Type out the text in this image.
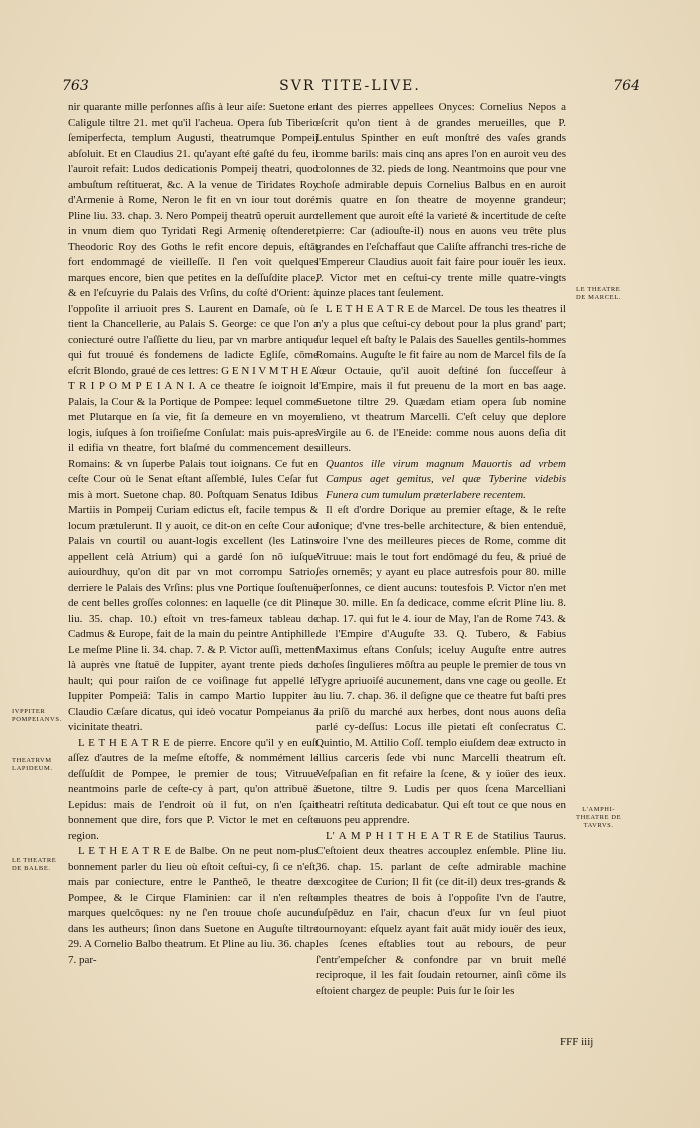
763	SVR TITE-LIVE.	764

nir quarante mille perſonnes aſſis à leur aiſe: Suetone en Caligule tiltre 21. met qu'il l'acheua. Opera ſub Tiberio ſemiperfecta, templum Augusti, theatrumque Pompeij abſoluit. Et en Claudius 21. qu'ayant eſté gaſté du feu, il l'auroit refait: Ludos dedicationis Pompeij theatri, quod ambuſtum reſtituerat, &c. A la venue de Tiridates Roy d'Armenie à Rome, Neron le fit en vn iour tout doré: Pline liu. 33. chap. 3. Nero Pompeij theatrũ operuit auro in vnum diem quo Tyridati Regi Armenię oſtenderet. Theodoric Roy des Goths le refit encore depuis, eſtāt fort endommagé de vieilleſſe. Il ſ'en voit quelques marques encore, bien que petites en la deſſuſdite place, & en l'eſcuyrie du Palais des Vrſins, du coſté d'Orient: à l'oppoſite il arriuoit pres S. Laurent en Damaſe, où ſe tient la Chancellerie, au Palais S. George: ce que l'on a coniecturé outre l'aſſiette du lieu, par vn marbre antique qui fut trouué és fondemens de ladicte Egliſe, cōme eſcrit Blondo, graué de ces lettres: G E N I V M T H E A T R I P O M P E I A N I. A ce theatre ſe ioignoit le Palais, la Cour & la Portique de Pompee: lequel comme met Plutarque en ſa vie, fit ſa demeure en vn moyen logis, iuſques à ſon troiſieſme Conſulat: mais puis-apres il edifia vn theatre, fort blaſmé du commencement des Romains: & vn ſuperbe Palais tout ioignans. Ce fut en ceſte Cour où le Senat eſtant aſſemblé, Iules Ceſar fut mis à mort. Suetone chap. 80. Poſtquam Senatus Idibus Martiis in Pompeij Curiam edictus eſt, facile tempus & locum prætulerunt. Il y auoit, ce dit-on en ceſte Cour au Palais vn courtil ou auant-logis excellent (les Latins appellent celà Atrium) qui a gardé ſon nō iuſque auiourdhuy, qu'on dit par vn mot corrompu Satrio, derriere le Palais des Vrſins: plus vne Portique ſouſtenuë de cent belles groſſes colonnes: en laquelle (ce dit Pline liu. 35. chap. 10.) eſtoit vn tres-fameux tableau de Cadmus & Europe, fait de la main du peintre Antiphille. Le meſme Pline li. 34. chap. 7. & P. Victor auſſi, mettent là auprès vne ſtatuë de Iuppiter, ayant trente pieds de hault; qui pour raiſon de ce voiſinage fut appellé le Iuppiter Pompeiā: Talis in campo Martio Iuppiter à Claudio Cæſare dicatus, qui ideò vocatur Pompeianus à vicinitate theatri.

L E T H E A T R E de pierre. Encore qu'il y en euſt aſſez d'autres de la meſme eſtoffe, & nommément le deſſuſdit de Pompee, le premier de tous; Vitruue neantmoins parle de ceſte-cy à part, qu'on attribuë à Lepidus: mais de l'endroit où il fut, on n'en ſçait bonnement que dire, fors que P. Victor le met en ceſte region.

L E T H E A T R E de Balbe. On ne peut nom-plus bonnement parler du lieu où eſtoit ceſtui-cy, ſi ce n'eſt, mais par coniecture, entre le Pantheō, le theatre de Pompee, & le Cirque Flaminien: car il n'en reſte marques quelcōques: ny ne ſ'en trouue choſe aucune dans les autheurs; ſinon dans Suetone en Auguſte tiltre 29. A Cornelio Balbo theatrum. Et Pline au liu. 36. chap. 7. par-

lant des pierres appellees Onyces: Cornelius Nepos a eſcrit qu'on tient à de grandes merueilles, que P. Lentulus Spinther en euſt monſtré des vaſes grands comme barils: mais cinq ans apres l'on en auroit veu des colonnes de 32. pieds de long. Neantmoins que pour vne choſe admirable depuis Cornelius Balbus en en auroit mis quatre en ſon theatre de moyenne grandeur; tellement que auroit eſté la varieté & incertitude de ceſte pierre: Car (adiouſte-il) nous en auons veu trête plus grandes en l'eſchaffaut que Caliſte affranchi tres-riche de l'Empereur Claudius auoit fait faire pour iouër les ieux. P. Victor met en ceſtui-cy trente mille quatre-vingts quinze places tant ſeulement.

L E T H E A T R E de Marcel. De tous les theatres il n'y a plus que ceſtui-cy debout pour la plus grand' part; ſur lequel eſt baſty le Palais des Sauelles gentils-hommes Romains. Auguſte le fit faire au nom de Marcel fils de ſa ſœur Octauie, qu'il auoit deſtiné ſon ſucceſſeur à l'Empire, mais il fut preuenu de la mort en bas aage. Suetone tiltre 29. Quædam etiam opera ſub nomine alieno, vt theatrum Marcelli. C'eſt celuy que deplore Virgile au 6. de l'Eneide: comme nous auons deſia dit ailleurs.

Quantos ille virum magnum Mauortis ad vrbem Campus aget gemitus, vel quæ Tyberine videbis Funera cum tumulum præterlabere recentem.

Il eſt d'ordre Dorique au premier eſtage, & le reſte Ionique; d'vne tres-belle architecture, & bien entenduë, voire l'vne des meilleures pieces de Rome, comme dit Vitruue: mais le tout fort endōmagé du feu, & priué de ſes ornemēs; y ayant eu place autresfois pour 80. mille perſonnes, ce dient aucuns: toutesfois P. Victor n'en met que 30. mille. En ſa dedicace, comme eſcrit Pline liu. 8. chap. 17. qui fut le 4. iour de May, l'an de Rome 743. & de l'Empire d'Auguſte 33. Q. Tubero, & Fabius Maximus eſtans Conſuls; iceluy Auguſte entre autres choſes ſingulieres mōſtra au peuple le premier de tous vn Tygre apriuoiſé aucunement, dans vne cage ou geolle. Et au liu. 7. chap. 36. il deſigne que ce theatre fut baſti pres la priſō du marché aux herbes, dont nous auons deſia parlé cy-deſſus: Locus ille pietati eſt conſecratus C. Quintio, M. Attilio Coſſ. templo eiuſdem deæ extructo in illius carceris ſede vbi nunc Marcelli theatrum eſt. Veſpaſian en fit refaire la ſcene, & y ioüer des ieux. Suetone, tiltre 9. Ludis per quos ſcena Marcelliani theatri reſtituta dedicabatur. Qui eſt tout ce que nous en auons peu apprendre.

L' A M P H I T H E A T R E de Statilius Taurus. C'eſtoient deux theatres accouplez enſemble. Pline liu. 36. chap. 15. parlant de ceſte admirable machine excogitee de Curion; Il fit (ce dit-il) deux tres-grands & amples theatres de bois à l'oppoſite l'vn de l'autre, ſuſpēduz en l'air, chacun d'eux ſur vn ſeul piuot tournoyant: eſquelz ayant fait auāt midy iouër des ieux, les ſcenes eſtablies tout au rebours, de peur ſ'entr'empeſcher & confondre par vn bruit meſlé reciproque, il les fait ſoudain retourner, ainſi cōme ils eſtoient chargez de peuple: Puis ſur le ſoir les

IVPPITER
POMPEIANVS.
THEATRVM
LAPIDEUM.
LE THEATRE
DE BALBE.
LE THEATRE
DE MARCEL.
L'AMPHI-
THEATRE DE
TAVRVS.
FFF iiij
